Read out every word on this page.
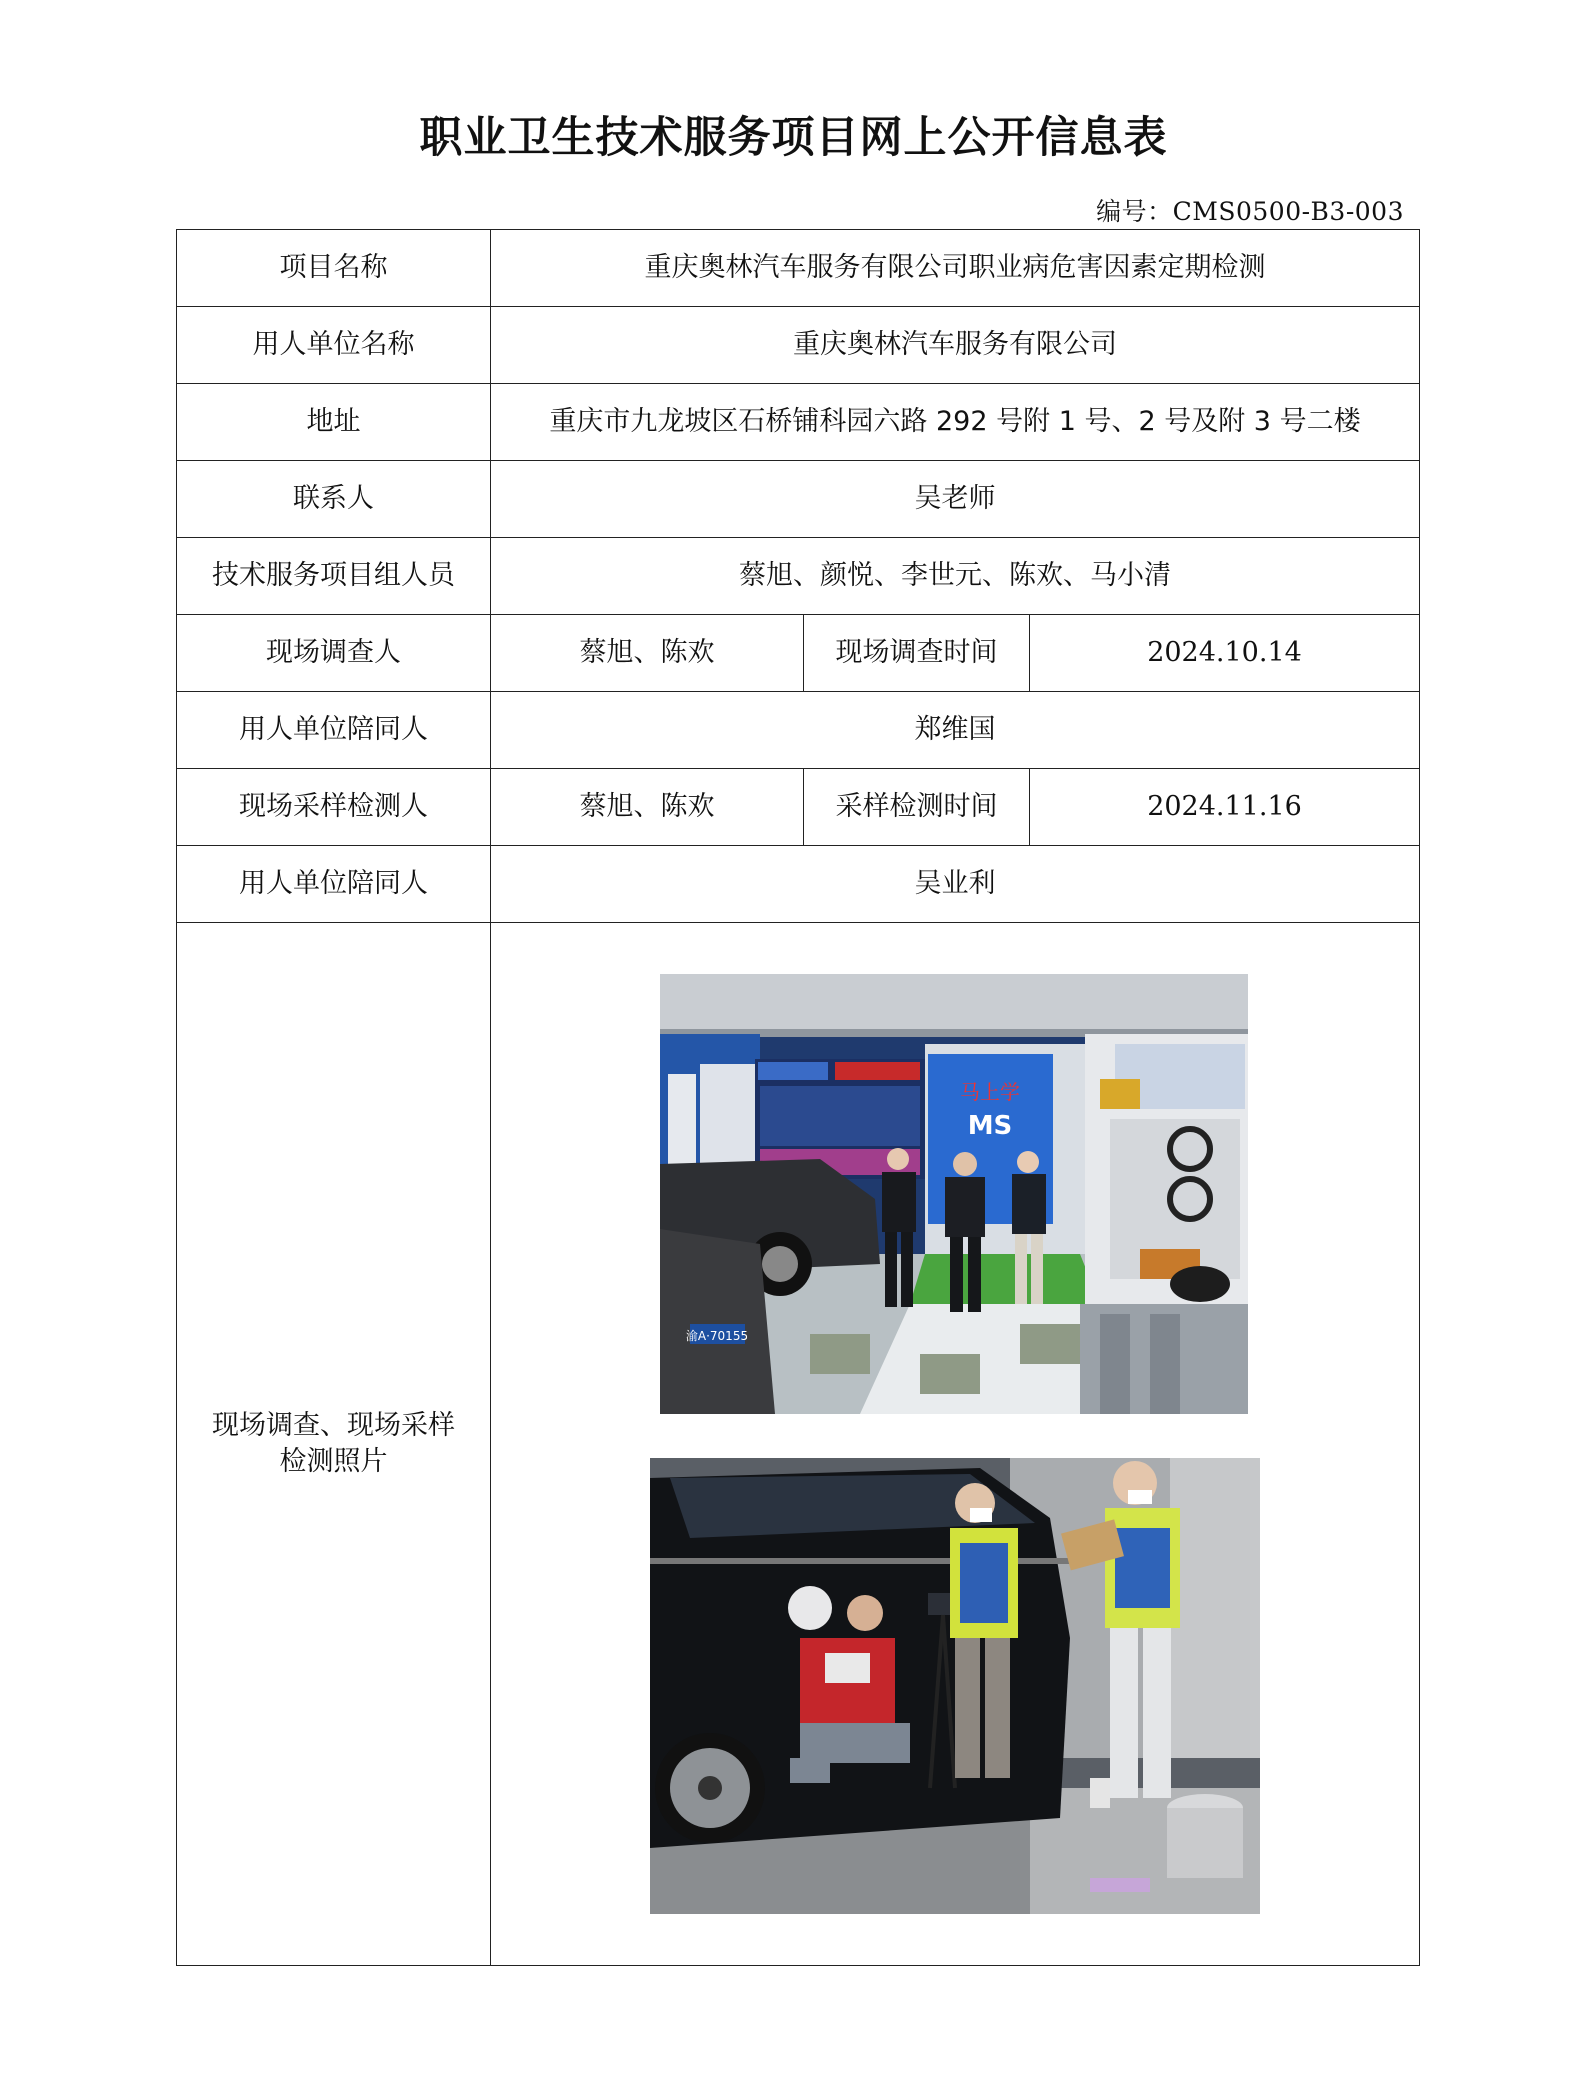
职业卫生技术服务项目网上公开信息表
编号：CMS0500-B3-003
项目名称	重庆奥林汽车服务有限公司职业病危害因素定期检测		
用人单位名称	重庆奥林汽车服务有限公司		
地址	重庆市九龙坡区石桥铺科园六路 292 号附 1 号、2 号及附 3 号二楼		
联系人	吴老师		
技术服务项目组人员	蔡旭、颜悦、李世元、陈欢、马小清		
现场调查人	蔡旭、陈欢	现场调查时间	2024.10.14
用人单位陪同人	郑维国		
现场采样检测人	蔡旭、陈欢	采样检测时间	2024.11.16
用人单位陪同人	吴业利		
现场调查、现场采样检测照片	马上学
MS
渝A·70155		
